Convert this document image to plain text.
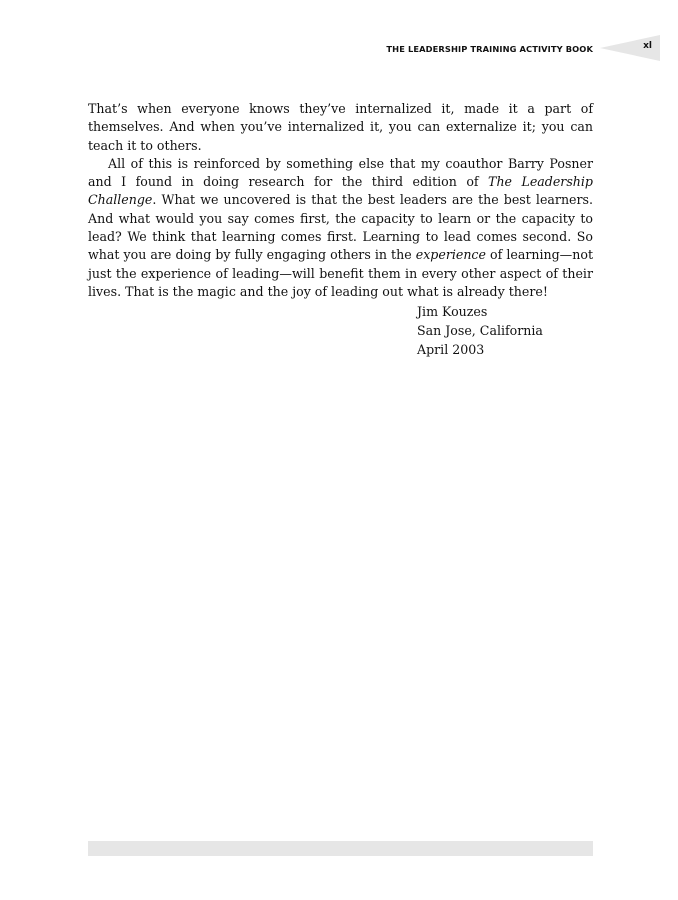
THE LEADERSHIP TRAINING ACTIVITY BOOK	xl

That’s when everyone knows they’ve internalized it, made it a part of themselves. And when you’ve internalized it, you can externalize it; you can teach it to others.

All of this is reinforced by something else that my coauthor Barry Posner and I found in doing research for the third edition of The Leadership Challenge. What we uncovered is that the best leaders are the best learners. And what would you say comes first, the capacity to learn or the capacity to lead? We think that learning comes first. Learning to lead comes second. So what you are doing by fully engaging others in the experience of learning—not just the experience of leading—will benefit them in every other aspect of their lives. That is the magic and the joy of leading out what is already there!

Jim Kouzes
San Jose, California
April 2003
